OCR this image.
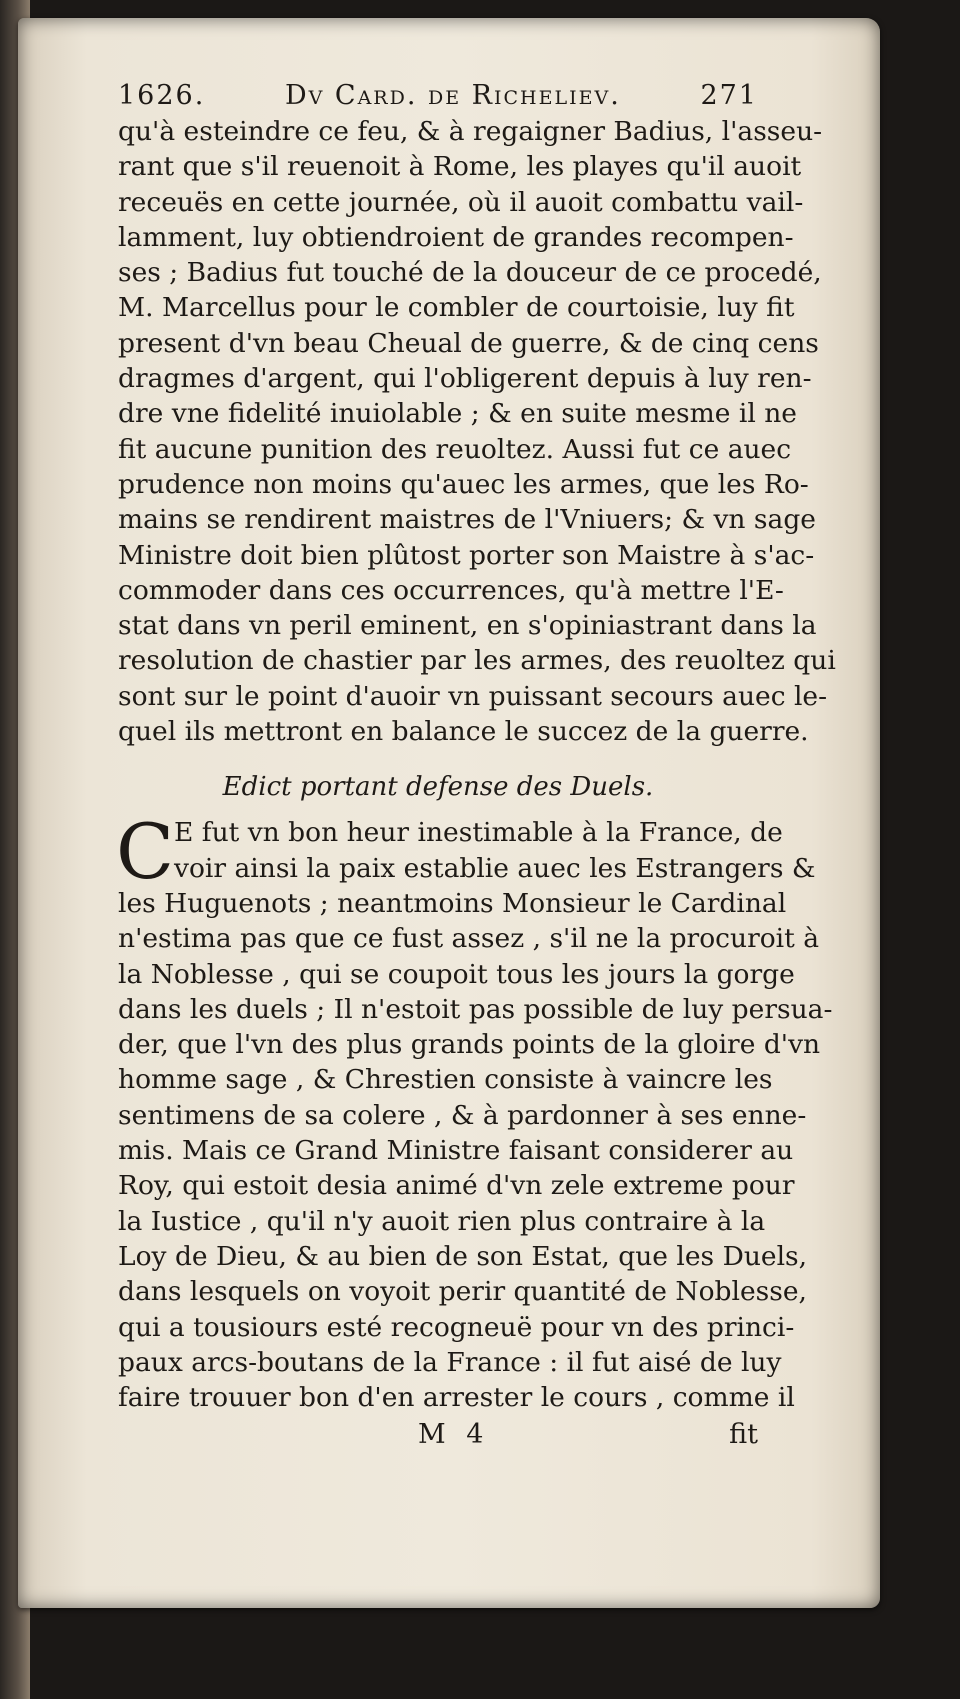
1626.	Dv Card. de Richeliev.	271
qu'à esteindre ce feu, & à regaigner Badius, l'asseu-
rant que s'il reuenoit à Rome, les playes qu'il auoit
receuës en cette journée, où il auoit combattu vail-
lamment, luy obtiendroient de grandes recompen-
ses ; Badius fut touché de la douceur de ce procedé,
M. Marcellus pour le combler de courtoisie, luy fit
present d'vn beau Cheual de guerre, & de cinq cens
dragmes d'argent, qui l'obligerent depuis à luy ren-
dre vne fidelité inuiolable ; & en suite mesme il ne
fit aucune punition des reuoltez. Aussi fut ce auec
prudence non moins qu'auec les armes, que les Ro-
mains se rendirent maistres de l'Vniuers; & vn sage
Ministre doit bien plûtost porter son Maistre à s'ac-
commoder dans ces occurrences, qu'à mettre l'E-
stat dans vn peril eminent, en s'opiniastrant dans la
resolution de chastier par les armes, des reuoltez qui
sont sur le point d'auoir vn puissant secours auec le-
quel ils mettront en balance le succez de la guerre.
Edict portant defense des Duels.
C E fut vn bon heur inestimable à la France, de
voir ainsi la paix establie auec les Estrangers &
les Huguenots ; neantmoins Monsieur le Cardinal
n'estima pas que ce fust assez , s'il ne la procuroit à
la Noblesse , qui se coupoit tous les jours la gorge
dans les duels ; Il n'estoit pas possible de luy persua-
der, que l'vn des plus grands points de la gloire d'vn
homme sage , & Chrestien consiste à vaincre les
sentimens de sa colere , & à pardonner à ses enne-
mis. Mais ce Grand Ministre faisant considerer au
Roy, qui estoit desia animé d'vn zele extreme pour
la Iustice , qu'il n'y auoit rien plus contraire à la
Loy de Dieu, & au bien de son Estat, que les Duels,
dans lesquels on voyoit perir quantité de Noblesse,
qui a tousiours esté recogneuë pour vn des princi-
paux arcs-boutans de la France : il fut aisé de luy
faire trouuer bon d'en arrester le cours , comme il
M 4	fit
